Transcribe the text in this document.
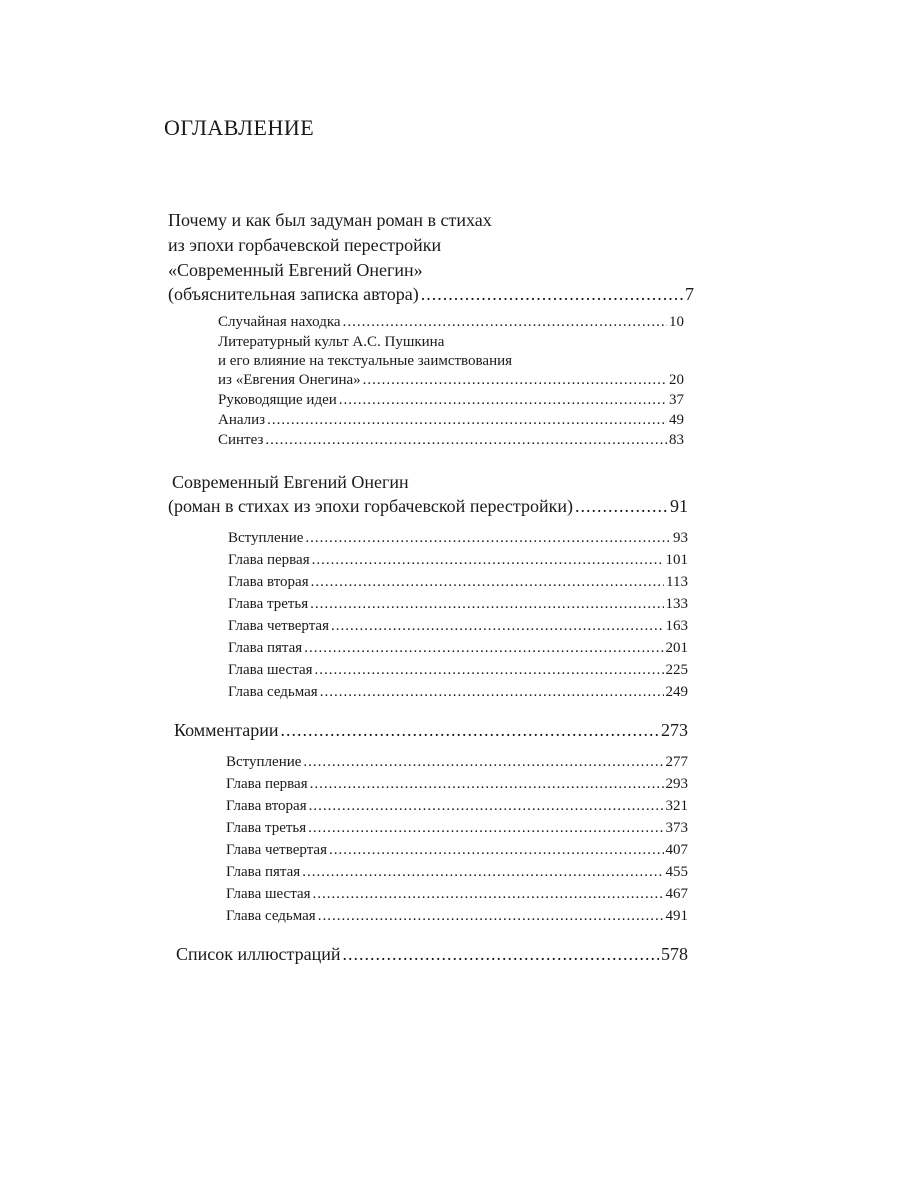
ОГЛАВЛЕНИЕ
Почему и как был задуман роман в стихах
из эпохи горбачевской перестройки
«Современный Евгений Онегин»
(объяснительная записка автора) .....	7
Случайная находка .....	10
Литературный культ А.С. Пушкина
и его влияние на текстуальные заимствования
из «Евгения Онегина» .....	20
Руководящие идеи .....	37
Анализ .....	49
Синтез .....	83
Современный Евгений Онегин
(роман в стихах из эпохи горбачевской перестройки) .....	91
Вступление .....	93
Глава первая .....	101
Глава вторая .....	113
Глава третья .....	133
Глава четвертая .....	163
Глава пятая .....	201
Глава шестая .....	225
Глава седьмая .....	249
Комментарии .....	273
Вступление .....	277
Глава первая .....	293
Глава вторая .....	321
Глава третья .....	373
Глава четвертая .....	407
Глава пятая .....	455
Глава шестая .....	467
Глава седьмая .....	491
Список иллюстраций .....	578
